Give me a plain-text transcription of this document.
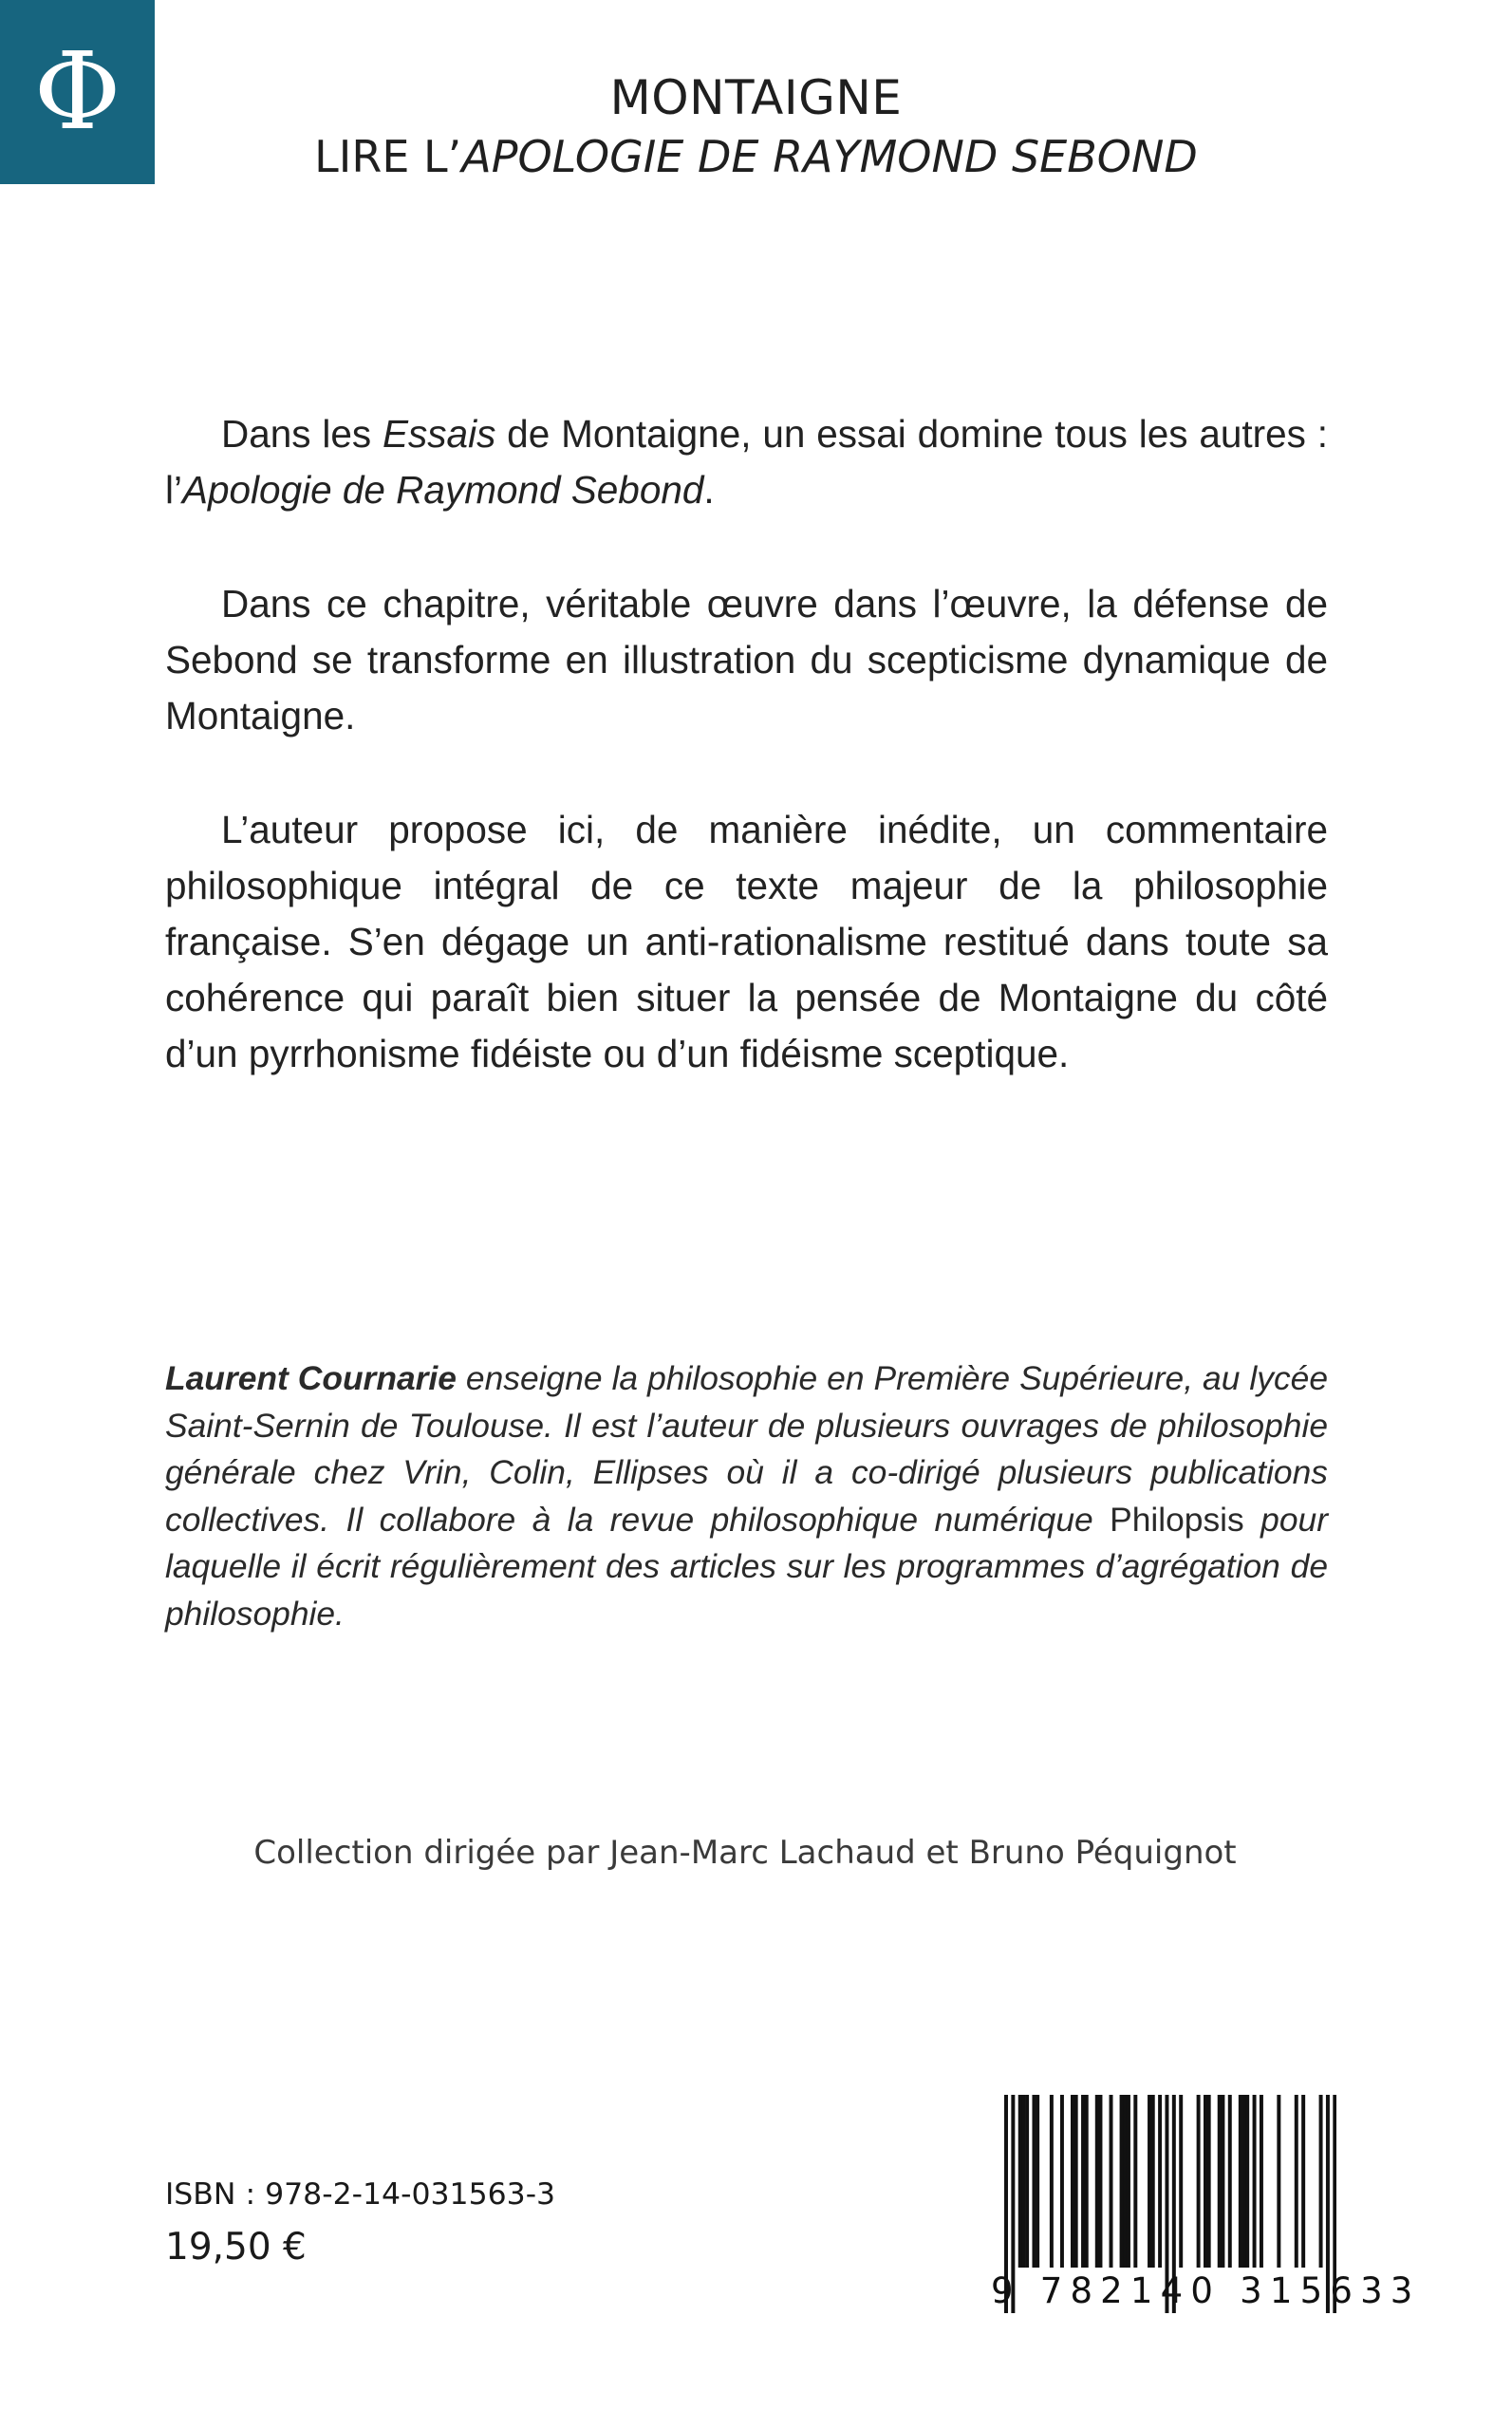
Φ	MONTAIGNE
LIRE L’APOLOGIE DE RAYMOND SEBOND

Dans les Essais de Montaigne, un essai domine tous les autres : l’Apologie de Raymond Sebond.

Dans ce chapitre, véritable œuvre dans l’œuvre, la défense de Sebond se transforme en illustration du scepticisme dynamique de Montaigne.

L’auteur propose ici, de manière inédite, un commentaire philosophique intégral de ce texte majeur de la philosophie française. S’en dégage un anti-rationalisme restitué dans toute sa cohérence qui paraît bien situer la pensée de Montaigne du côté d’un pyrrhonisme fidéiste ou d’un fidéisme sceptique.

Laurent Cournarie enseigne la philosophie en Première Supérieure, au lycée Saint-Sernin de Toulouse. Il est l’auteur de plusieurs ouvrages de philosophie générale chez Vrin, Colin, Ellipses où il a co-dirigé plusieurs publications collectives. Il collabore à la revue philosophique numérique Philopsis pour laquelle il écrit régulièrement des articles sur les programmes d’agrégation de philosophie.
Collection dirigée par Jean-Marc Lachaud et Bruno Péquignot
ISBN : 978-2-14-031563-3
19,50 €
9 782140 315633
